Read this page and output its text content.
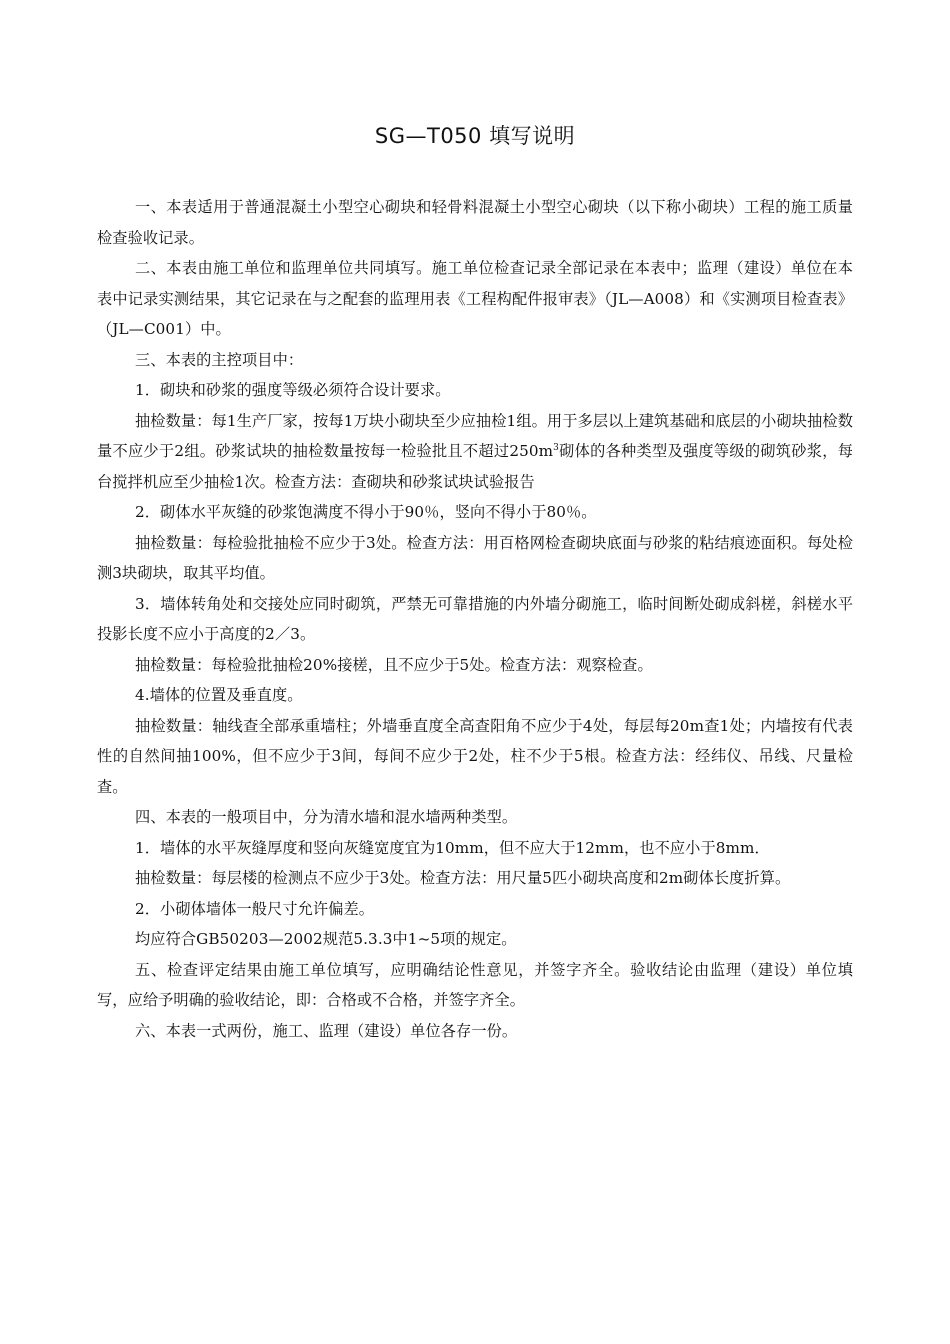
SG—T050 填写说明

一、本表适用于普通混凝土小型空心砌块和轻骨料混凝土小型空心砌块（以下称小砌块）工程的施工质量检查验收记录。

二、本表由施工单位和监理单位共同填写。施工单位检查记录全部记录在本表中；监理（建设）单位在本表中记录实测结果，其它记录在与之配套的监理用表《工程构配件报审表》（JL—A008）和《实测项目检查表》（JL—C001）中。

三、本表的主控项目中：

1．砌块和砂浆的强度等级必须符合设计要求。

抽检数量：每1生产厂家，按每1万块小砌块至少应抽检1组。用于多层以上建筑基础和底层的小砌块抽检数量不应少于2组。砂浆试块的抽检数量按每一检验批且不超过$250m^3$砌体的各种类型及强度等级的砌筑砂浆，每台搅拌机应至少抽检1次。检查方法：查砌块和砂浆试块试验报告

2．砌体水平灰缝的砂浆饱满度不得小于90％，竖向不得小于80％。

抽检数量：每检验批抽检不应少于3处。检查方法：用百格网检查砌块底面与砂浆的粘结痕迹面积。每处检测3块砌块，取其平均值。

3．墙体转角处和交接处应同时砌筑，严禁无可靠措施的内外墙分砌施工，临时间断处砌成斜槎，斜槎水平投影长度不应小于高度的2／3。

抽检数量：每检验批抽检20%接槎，且不应少于5处。检查方法：观察检查。

4.墙体的位置及垂直度。

抽检数量：轴线查全部承重墙柱；外墙垂直度全高查阳角不应少于4处，每层每20m查1处；内墙按有代表性的自然间抽100%，但不应少于3间，每间不应少于2处，柱不少于5根。检查方法：经纬仪、吊线、尺量检查。

四、本表的一般项目中，分为清水墙和混水墙两种类型。

1．墙体的水平灰缝厚度和竖向灰缝宽度宜为10mm，但不应大于12mm，也不应小于8mm．

抽检数量：每层楼的检测点不应少于3处。检查方法：用尺量5匹小砌块高度和2m砌体长度折算。

2．小砌体墙体一般尺寸允许偏差。

均应符合GB50203—2002规范5.3.3中1~5项的规定。

五、检查评定结果由施工单位填写，应明确结论性意见，并签字齐全。验收结论由监理（建设）单位填写，应给予明确的验收结论，即：合格或不合格，并签字齐全。

六、本表一式两份，施工、监理（建设）单位各存一份。
